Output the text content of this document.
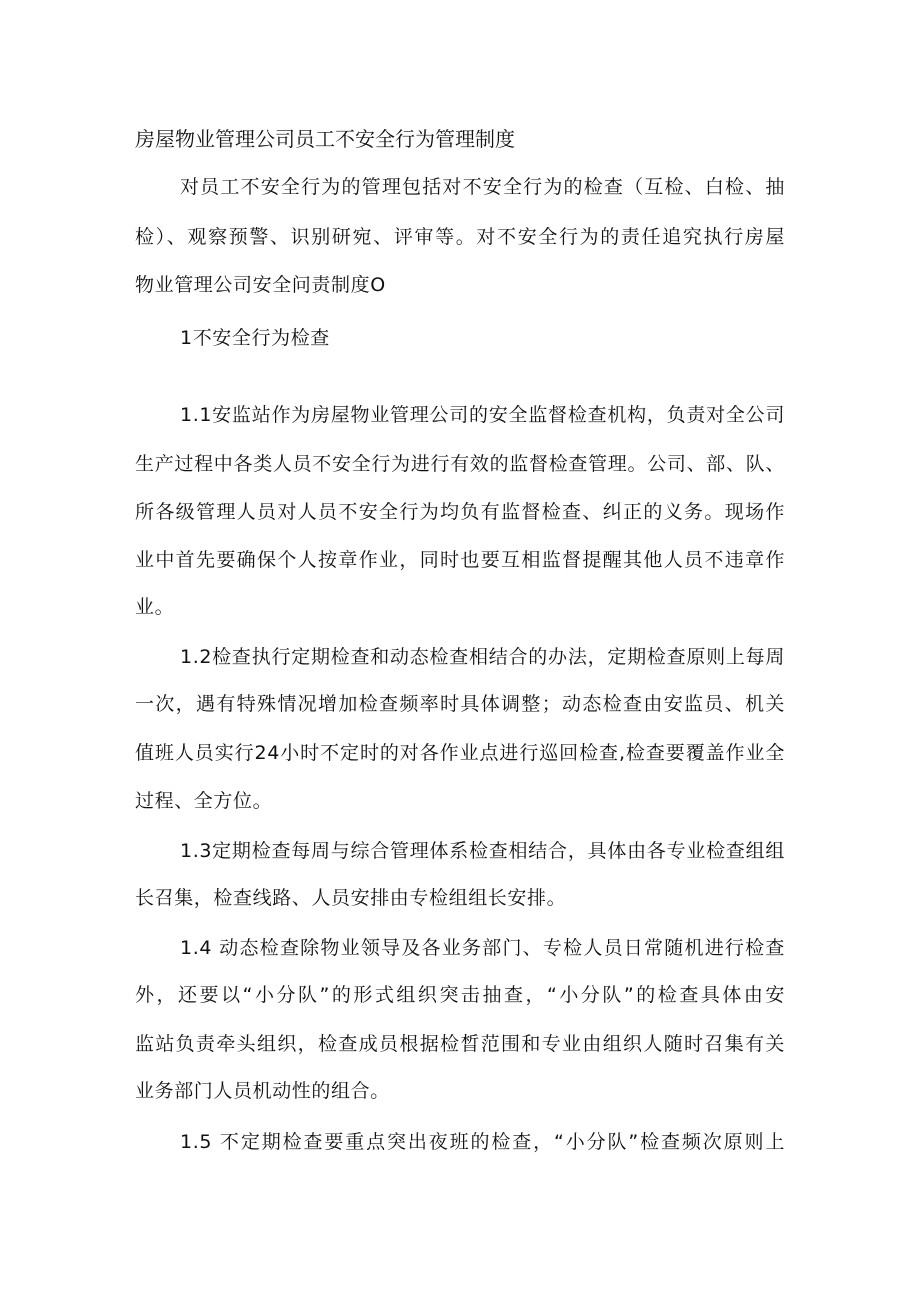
房屋物业管理公司员工不安全行为管理制度
对员工不安全行为的管理包括对不安全行为的检查（互检、白检、抽
检）、观察预警、识别研宛、评审等。对不安全行为的责任追究执行房屋
物业管理公司安全问责制度O
1不安全行为检查
1.1安监站作为房屋物业管理公司的安全监督检查机构，负责对全公司
生产过程中各类人员不安全行为进行有效的监督检查管理。公司、部、队、
所各级管理人员对人员不安全行为均负有监督检查、纠正的义务。现场作
业中首先要确保个人按章作业，同时也要互相监督提醒其他人员不违章作
业。
1.2检查执行定期检查和动态检查相结合的办法，定期检查原则上每周
一次，遇有特殊情况增加检查频率时具体调整；动态检查由安监员、机关
值班人员实行24小时不定时的对各作业点进行巡回检查,检查要覆盖作业全
过程、全方位。
1.3定期检查每周与综合管理体系检查相结合，具体由各专业检查组组
长召集，检查线路、人员安排由专检组组长安排。
1.4 动态检查除物业领导及各业务部门、专检人员日常随机进行检查
外，还要以“小分队”的形式组织突击抽查，“小分队”的检查具体由安
监站负责牵头组织，检查成员根据检晳范围和专业由组织人随时召集有关
业务部门人员机动性的组合。
1.5 不定期检查要重点突出夜班的检查，“小分队”检查频次原则上
